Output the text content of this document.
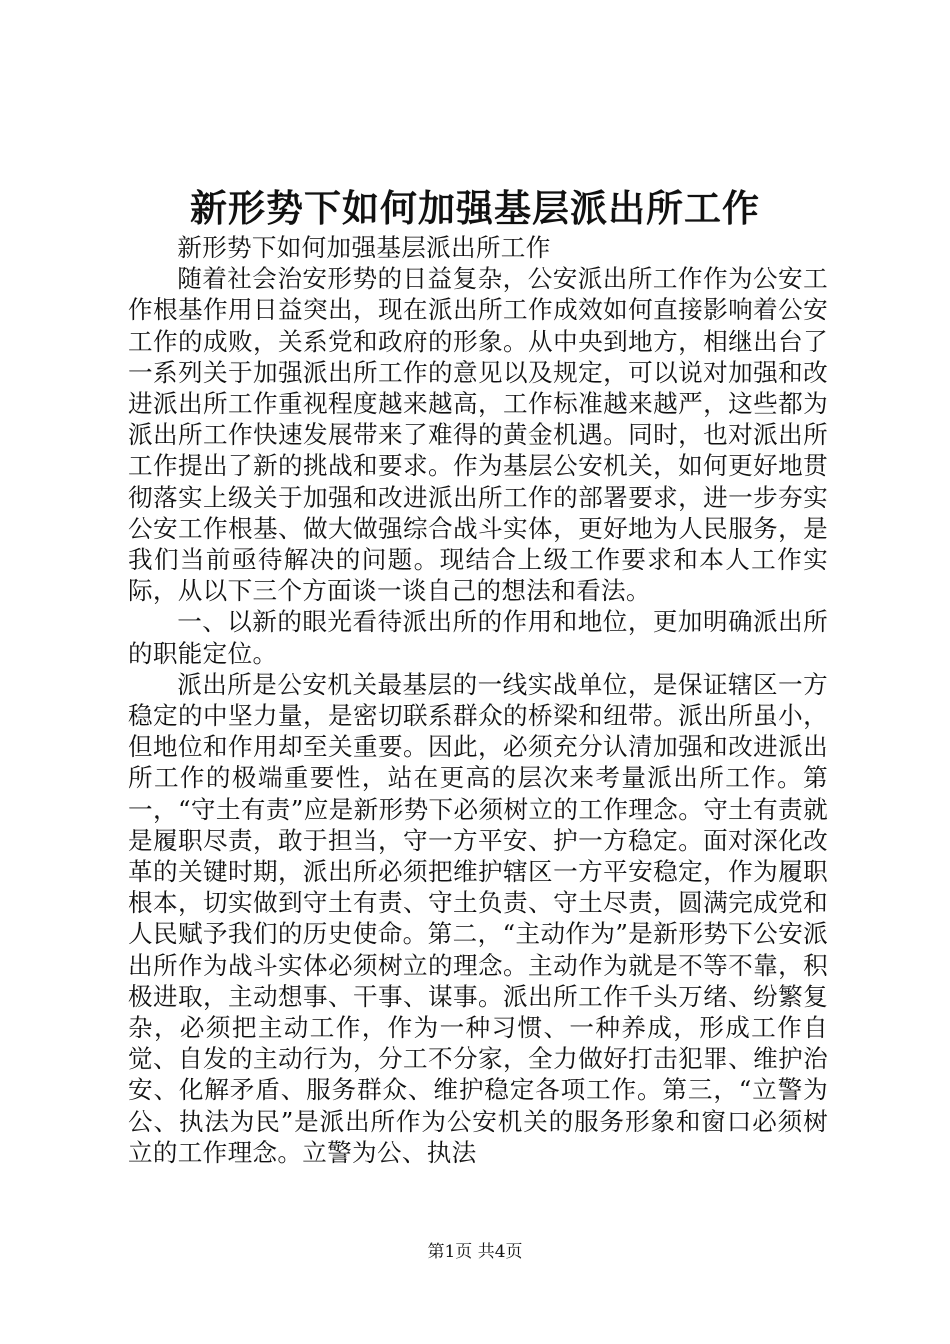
新形势下如何加强基层派出所工作

新形势下如何加强基层派出所工作

随着社会治安形势的日益复杂，公安派出所工作作为公安工作根基作用日益突出，现在派出所工作成效如何直接影响着公安工作的成败，关系党和政府的形象。从中央到地方，相继出台了一系列关于加强派出所工作的意见以及规定，可以说对加强和改进派出所工作重视程度越来越高，工作标准越来越严，这些都为派出所工作快速发展带来了难得的黄金机遇。同时，也对派出所工作提出了新的挑战和要求。作为基层公安机关，如何更好地贯彻落实上级关于加强和改进派出所工作的部署要求，进一步夯实公安工作根基、做大做强综合战斗实体，更好地为人民服务，是我们当前亟待解决的问题。现结合上级工作要求和本人工作实际，从以下三个方面谈一谈自己的想法和看法。

一、以新的眼光看待派出所的作用和地位，更加明确派出所的职能定位。

派出所是公安机关最基层的一线实战单位，是保证辖区一方稳定的中坚力量，是密切联系群众的桥梁和纽带。派出所虽小，但地位和作用却至关重要。因此，必须充分认清加强和改进派出所工作的极端重要性，站在更高的层次来考量派出所工作。第一，“守土有责”应是新形势下必须树立的工作理念。守土有责就是履职尽责，敢于担当，守一方平安、护一方稳定。面对深化改革的关键时期，派出所必须把维护辖区一方平安稳定，作为履职根本，切实做到守土有责、守土负责、守土尽责，圆满完成党和人民赋予我们的历史使命。第二，“主动作为”是新形势下公安派出所作为战斗实体必须树立的理念。主动作为就是不等不靠，积极进取，主动想事、干事、谋事。派出所工作千头万绪、纷繁复杂，必须把主动工作，作为一种习惯、一种养成，形成工作自觉、自发的主动行为，分工不分家，全力做好打击犯罪、维护治安、化解矛盾、服务群众、维护稳定各项工作。第三，“立警为公、执法为民”是派出所作为公安机关的服务形象和窗口必须树立的工作理念。立警为公、执法

第1页 共4页
